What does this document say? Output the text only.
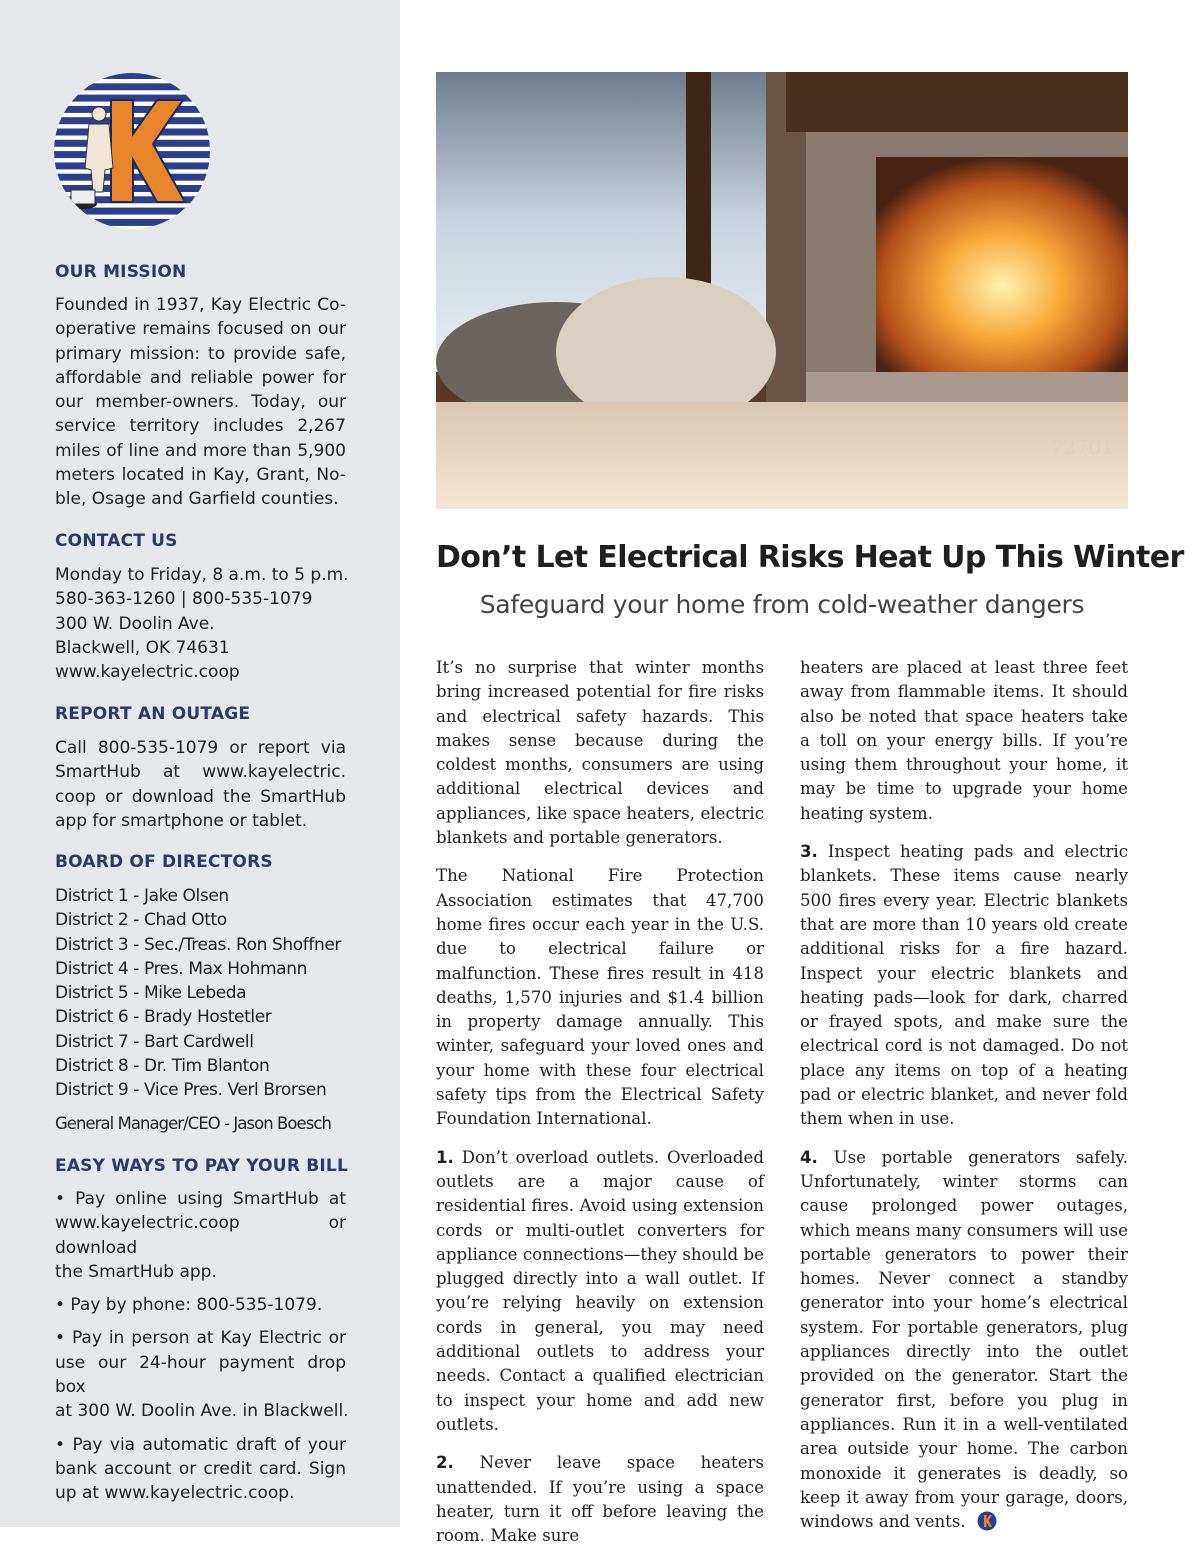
OUR MISSION
Founded in 1937, Kay Electric Co-
operative remains focused on our
primary mission: to provide safe,
affordable and reliable power for
our member-owners. Today, our
service territory includes 2,267
miles of line and more than 5,900
meters located in Kay, Grant, No-
ble, Osage and Garfield counties.
CONTACT US
Monday to Friday, 8 a.m. to 5 p.m.
580-363-1260 | 800-535-1079
300 W. Doolin Ave.
Blackwell, OK 74631
www.kayelectric.coop
REPORT AN OUTAGE
Call 800-535-1079 or report via
SmartHub at www.kayelectric.
coop or download the SmartHub
app for smartphone or tablet.
BOARD OF DIRECTORS
District 1 - Jake Olsen
District 2 - Chad Otto
District 3 - Sec./Treas. Ron Shoffner
District 4 - Pres. Max Hohmann
District 5 - Mike Lebeda
District 6 - Brady Hostetler
District 7 - Bart Cardwell
District 8 - Dr. Tim Blanton
District 9 - Vice Pres. Verl Brorsen
General Manager/CEO - Jason Boesch
EASY WAYS TO PAY YOUR BILL
• Pay online using SmartHub at
www.kayelectric.coop or download
the SmartHub app.
• Pay by phone: 800-535-1079.
• Pay in person at Kay Electric or
use our 24-hour payment drop box
at 300 W. Doolin Ave. in Blackwell.
• Pay via automatic draft of your
bank account or credit card. Sign
up at www.kayelectric.coop.
72701
Don’t Let Electrical Risks Heat Up This Winter
Safeguard your home from cold-weather dangers

It’s no surprise that winter months bring increased potential for fire risks and electrical safety hazards. This makes sense because during the coldest months, consumers are using additional electrical devices and appliances, like space heaters, electric blankets and portable generators.

The National Fire Protection Association estimates that 47,700 home fires occur each year in the U.S. due to electrical failure or malfunction. These fires result in 418 deaths, 1,570 injuries and $1.4 billion in property damage annually. This winter, safeguard your loved ones and your home with these four electrical safety tips from the Electrical Safety Foundation International.

1. Don’t overload outlets. Overloaded outlets are a major cause of residential fires. Avoid using extension cords or multi-outlet converters for appliance connections—they should be plugged directly into a wall outlet. If you’re relying heavily on extension cords in general, you may need additional outlets to address your needs. Contact a qualified electrician to inspect your home and add new outlets.

2. Never leave space heaters unattended. If you’re using a space heater, turn it off before leaving the room. Make sure

heaters are placed at least three feet away from flammable items. It should also be noted that space heaters take a toll on your energy bills. If you’re using them throughout your home, it may be time to upgrade your home heating system.

3. Inspect heating pads and electric blankets. These items cause nearly 500 fires every year. Electric blankets that are more than 10 years old create additional risks for a fire hazard. Inspect your electric blankets and heating pads—look for dark, charred or frayed spots, and make sure the electrical cord is not damaged. Do not place any items on top of a heating pad or electric blanket, and never fold them when in use.

4. Use portable generators safely. Unfortunately, winter storms can cause prolonged power outages, which means many consumers will use portable generators to power their homes. Never connect a standby generator into your home’s electrical system. For portable generators, plug appliances directly into the outlet provided on the generator. Start the generator first, before you plug in appliances. Run it in a well-ventilated area outside your home. The carbon monoxide it generates is deadly, so keep it away from your garage, doors, windows and vents.
